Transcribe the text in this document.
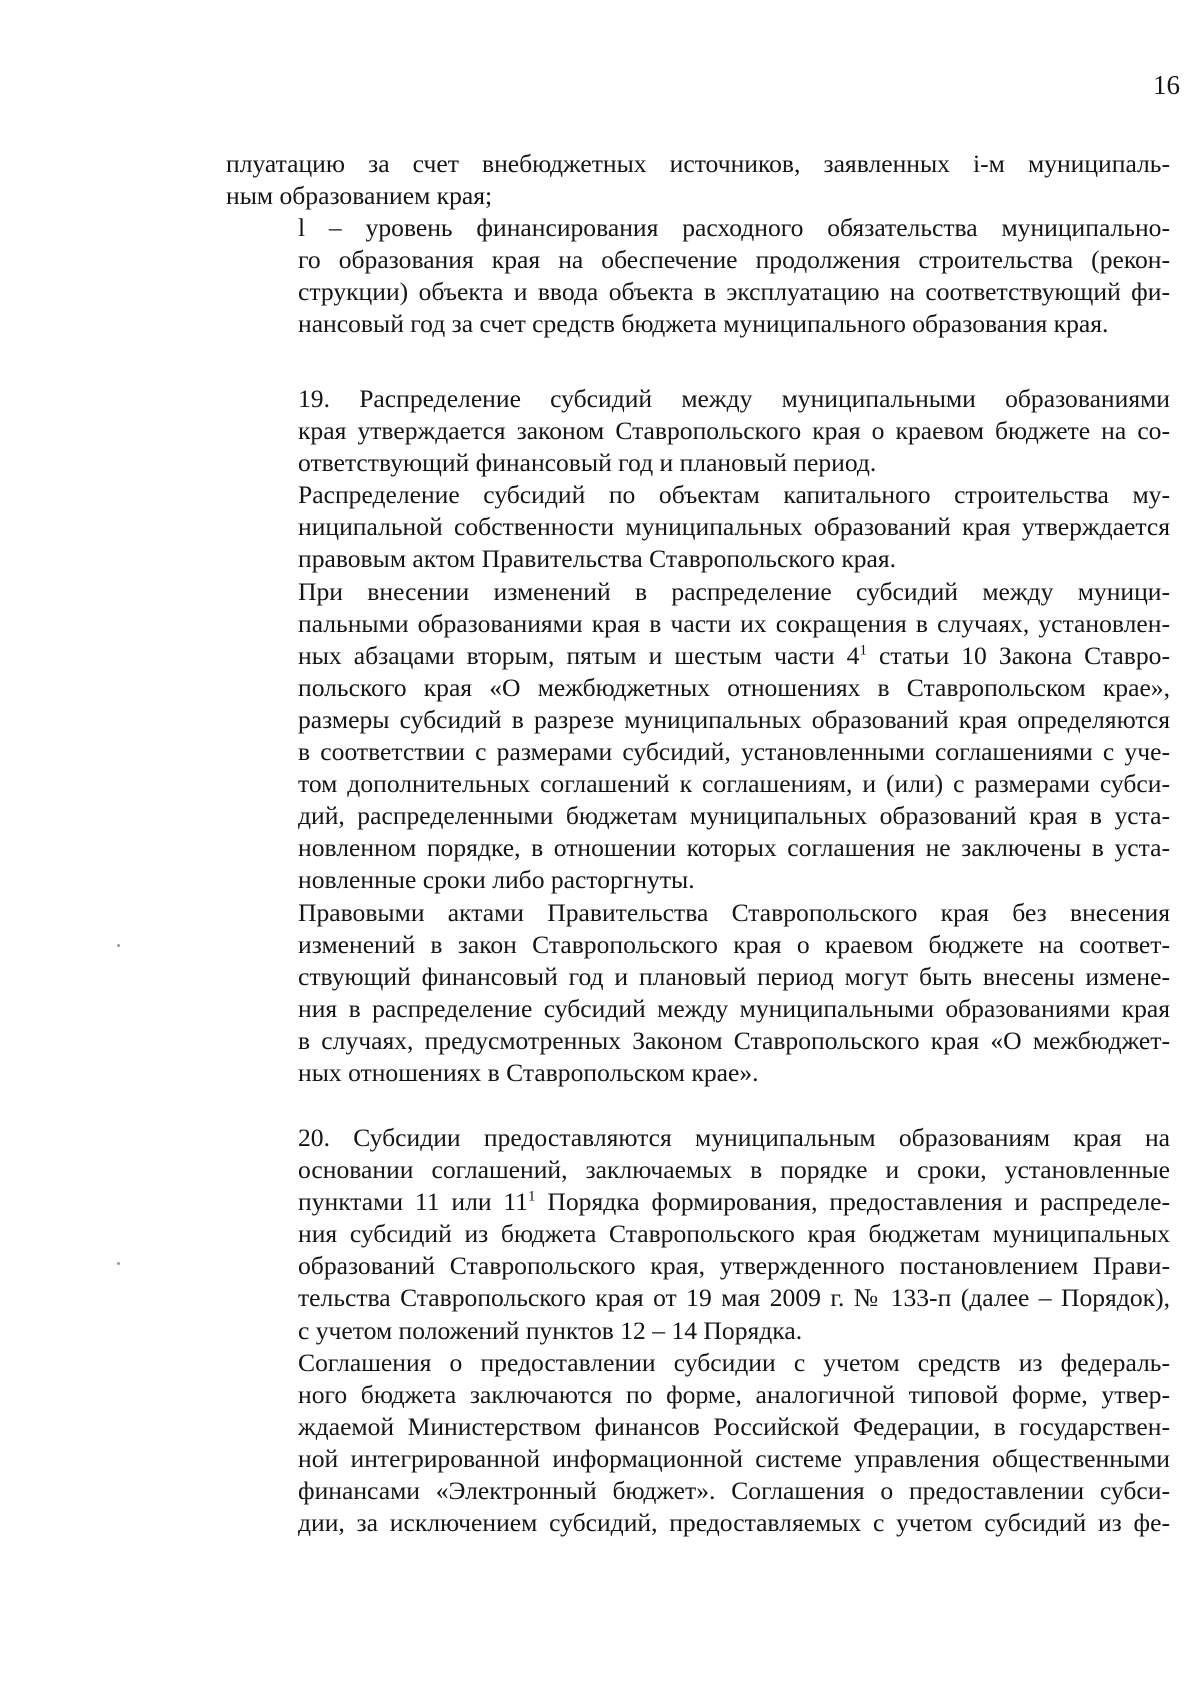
16

плуатацию за счет внебюджетных источников, заявленных i-м муниципаль-
ным образованием края;

l – уровень финансирования расходного обязательства муниципально-
го образования края на обеспечение продолжения строительства (рекон-
струкции) объекта и ввода объекта в эксплуатацию на соответствующий фи-
нансовый год за счет средств бюджета муниципального образования края.

19. Распределение субсидий между муниципальными образованиями
края утверждается законом Ставропольского края о краевом бюджете на со-
ответствующий финансовый год и плановый период.

Распределение субсидий по объектам капитального строительства му-
ниципальной собственности муниципальных образований края утверждается
правовым актом Правительства Ставропольского края.

При внесении изменений в распределение субсидий между муници-
пальными образованиями края в части их сокращения в случаях, установлен-
ных абзацами вторым, пятым и шестым части $4^1$ статьи 10 Закона Ставро-
польского края «О межбюджетных отношениях в Ставропольском крае»,
размеры субсидий в разрезе муниципальных образований края определяются
в соответствии с размерами субсидий, установленными соглашениями с уче-
том дополнительных соглашений к соглашениям, и (или) с размерами субси-
дий, распределенными бюджетам муниципальных образований края в уста-
новленном порядке, в отношении которых соглашения не заключены в уста-
новленные сроки либо расторгнуты.

Правовыми актами Правительства Ставропольского края без внесения
изменений в закон Ставропольского края о краевом бюджете на соответ-
ствующий финансовый год и плановый период могут быть внесены измене-
ния в распределение субсидий между муниципальными образованиями края
в случаях, предусмотренных Законом Ставропольского края «О межбюджет-
ных отношениях в Ставропольском крае».

20. Субсидии предоставляются муниципальным образованиям края на
основании соглашений, заключаемых в порядке и сроки, установленные
пунктами 11 или $11^1$ Порядка формирования, предоставления и распределе-
ния субсидий из бюджета Ставропольского края бюджетам муниципальных
образований Ставропольского края, утвержденного постановлением Прави-
тельства Ставропольского края от 19 мая 2009 г. № 133-п (далее – Порядок),
с учетом положений пунктов 12 – 14 Порядка.

Соглашения о предоставлении субсидии с учетом средств из федераль-
ного бюджета заключаются по форме, аналогичной типовой форме, утвер-
ждаемой Министерством финансов Российской Федерации, в государствен-
ной интегрированной информационной системе управления общественными
финансами «Электронный бюджет». Соглашения о предоставлении субси-
дии, за исключением субсидий, предоставляемых с учетом субсидий из фе-
